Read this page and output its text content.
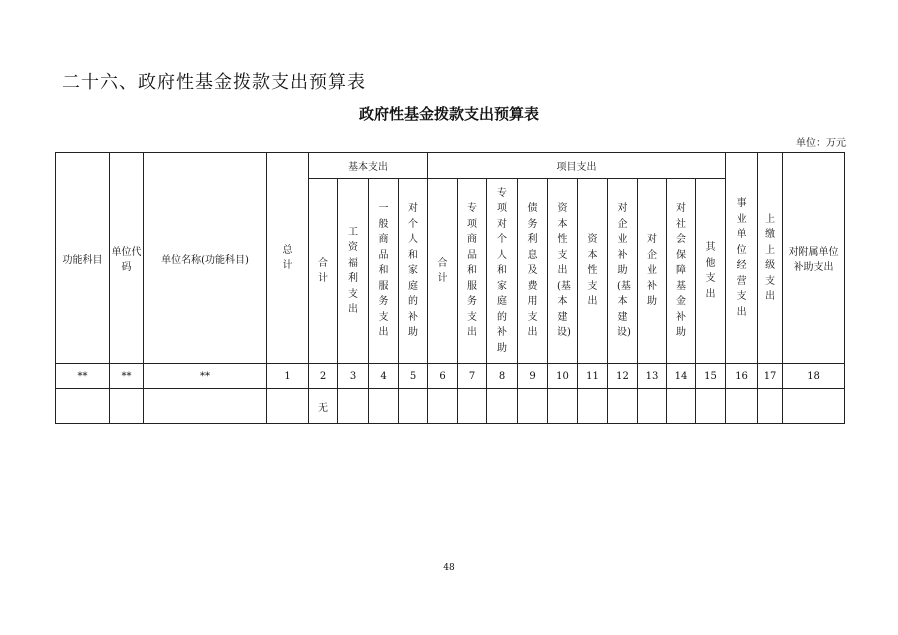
二十六、政府性基金拨款支出预算表
政府性基金拨款支出预算表
单位：万元
功能科目	单位代码	单位名称(功能科目)	总计	基本支出				项目支出										事业单位经营支出	上缴上级支出	对附属单位补助支出
				合计	工资福利支出	一般商品和服务支出	对个人和家庭的补助	合计	专项商品和服务支出	专项对个人和家庭的补助	债务利息及费用支出	资本性支出(基本建设)	资本性支出	对企业补助(基本建设)	对企业补助	对社会保障基金补助	其他支出			
**	**	**	1	2	3	4	5	6	7	8	9	10	11	12	13	14	15	16	17	18
				无																
48
